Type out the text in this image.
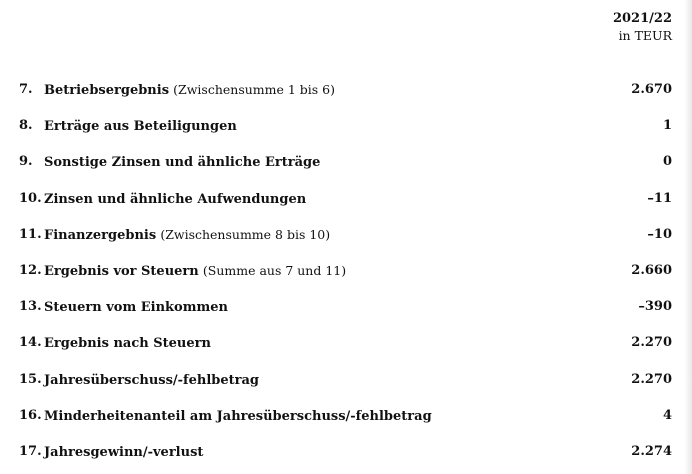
2021/22
in TEUR
7. Betriebsergebnis (Zwischensumme 1 bis 6)	2.670
8. Erträge aus Beteiligungen	1
9. Sonstige Zinsen und ähnliche Erträge	0
10. Zinsen und ähnliche Aufwendungen	–11
11. Finanzergebnis (Zwischensumme 8 bis 10)	–10
12. Ergebnis vor Steuern (Summe aus 7 und 11)	2.660
13. Steuern vom Einkommen	–390
14. Ergebnis nach Steuern	2.270
15. Jahresüberschuss/-fehlbetrag	2.270
16. Minderheitenanteil am Jahresüberschuss/-fehlbetrag	4
17. Jahresgewinn/-verlust	2.274
